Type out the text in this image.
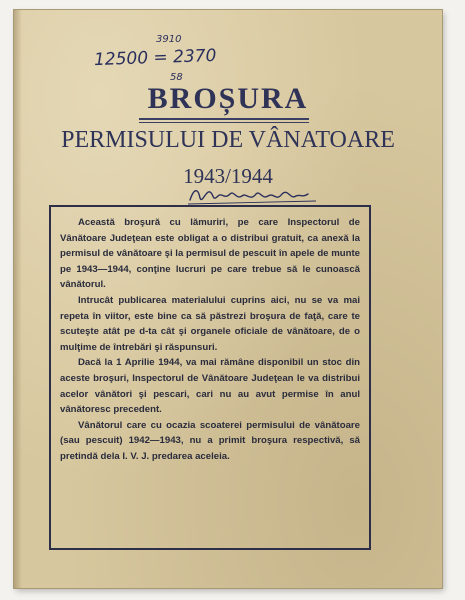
3910
12500 = 2370
58
BROȘURA
PERMISULUI DE VÂNATOARE
1943/1944

Această broşură cu lămuriri, pe care Inspectorul de Vânătoare Judeţean este obligat a o distribui gratuit, ca anexă la permisul de vânătoare şi la permisul de pescuit în apele de munte pe 1943—1944, conţine lucruri pe care trebue să le cunoască vânătorul.

Intrucât publicarea materialului cuprins aici, nu se va mai repeta în viitor, este bine ca să păstrezi broşura de faţă, care te scuteşte atât pe d-ta cât şi organele oficiale de vânătoare, de o mulţime de întrebări şi răspunsuri.

Dacă la 1 Aprilie 1944, va mai rămâne disponibil un stoc din aceste broşuri, Inspectorul de Vânătoare Judeţean le va distribui acelor vânători şi pescari, cari nu au avut permise în anul vânătoresc precedent.

Vânătorul care cu ocazia scoaterei permisului de vânătoare (sau pescuit) 1942—1943, nu a primit broşura respectivă, să pretindă dela I. V. J. predarea aceleia.
